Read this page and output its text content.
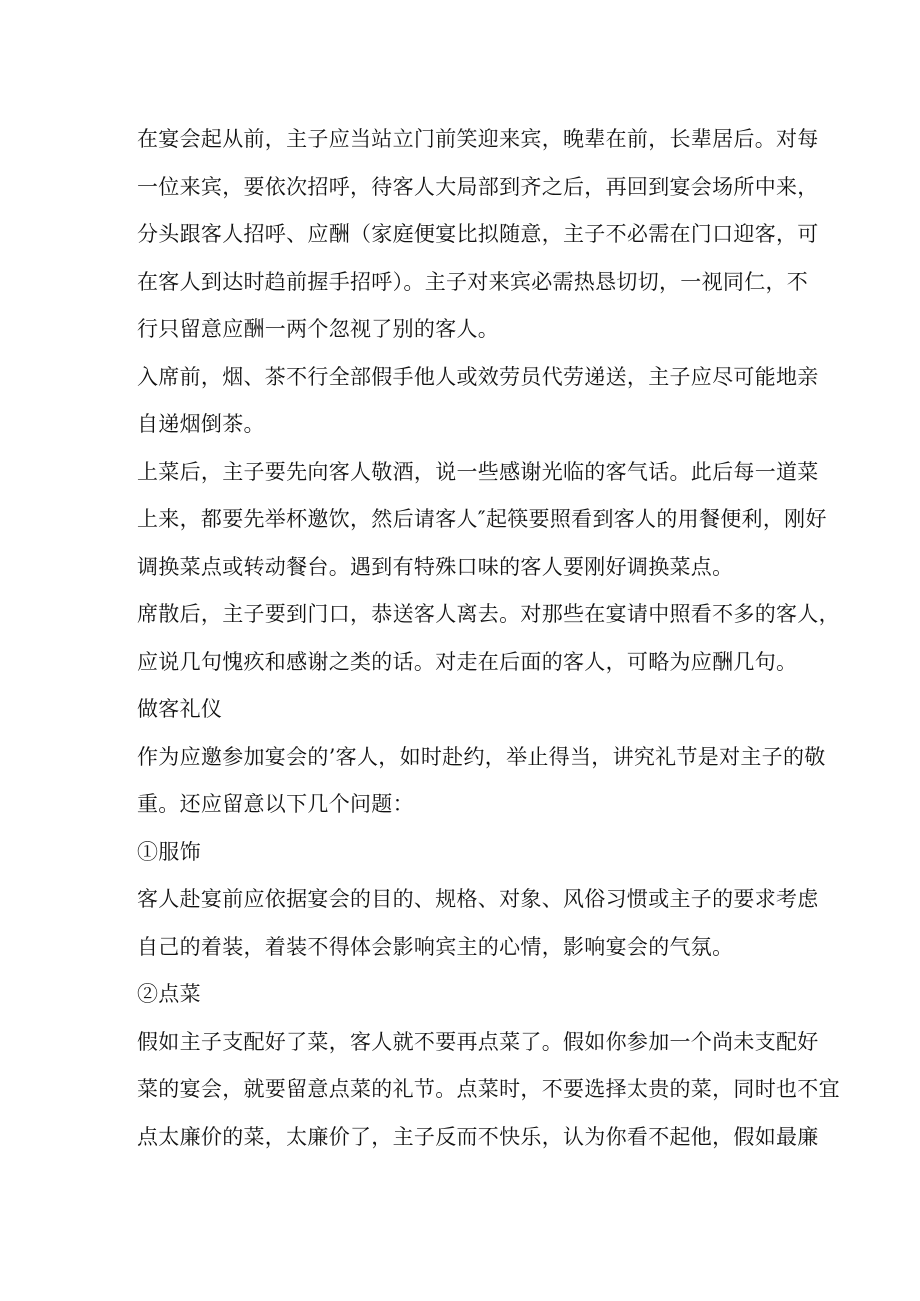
在宴会起从前，主子应当站立门前笑迎来宾，晚辈在前，长辈居后。对每
一位来宾，要依次招呼，待客人大局部到齐之后，再回到宴会场所中来，
分头跟客人招呼、应酬（家庭便宴比拟随意，主子不必需在门口迎客，可
在客人到达时趋前握手招呼）。主子对来宾必需热恳切切，一视同仁，不
行只留意应酬一两个忽视了别的客人。
入席前，烟、茶不行全部假手他人或效劳员代劳递送，主子应尽可能地亲
自递烟倒茶。
上菜后，主子要先向客人敬酒，说一些感谢光临的客气话。此后每一道菜
上来，都要先举杯邀饮，然后请客人″起筷要照看到客人的用餐便利，刚好
调换菜点或转动餐台。遇到有特殊口味的客人要刚好调换菜点。
席散后，主子要到门口，恭送客人离去。对那些在宴请中照看不多的客人，
应说几句愧疚和感谢之类的话。对走在后面的客人，可略为应酬几句。
做客礼仪
作为应邀参加宴会的’客人，如时赴约，举止得当，讲究礼节是对主子的敬
重。还应留意以下几个问题：
①服饰
客人赴宴前应依据宴会的目的、规格、对象、风俗习惯或主子的要求考虑
自己的着装，着装不得体会影响宾主的心情，影响宴会的气氛。
②点菜
假如主子支配好了菜，客人就不要再点菜了。假如你参加一个尚未支配好
菜的宴会，就要留意点菜的礼节。点菜时，不要选择太贵的菜，同时也不宜
点太廉价的菜，太廉价了，主子反而不快乐，认为你看不起他，假如最廉
